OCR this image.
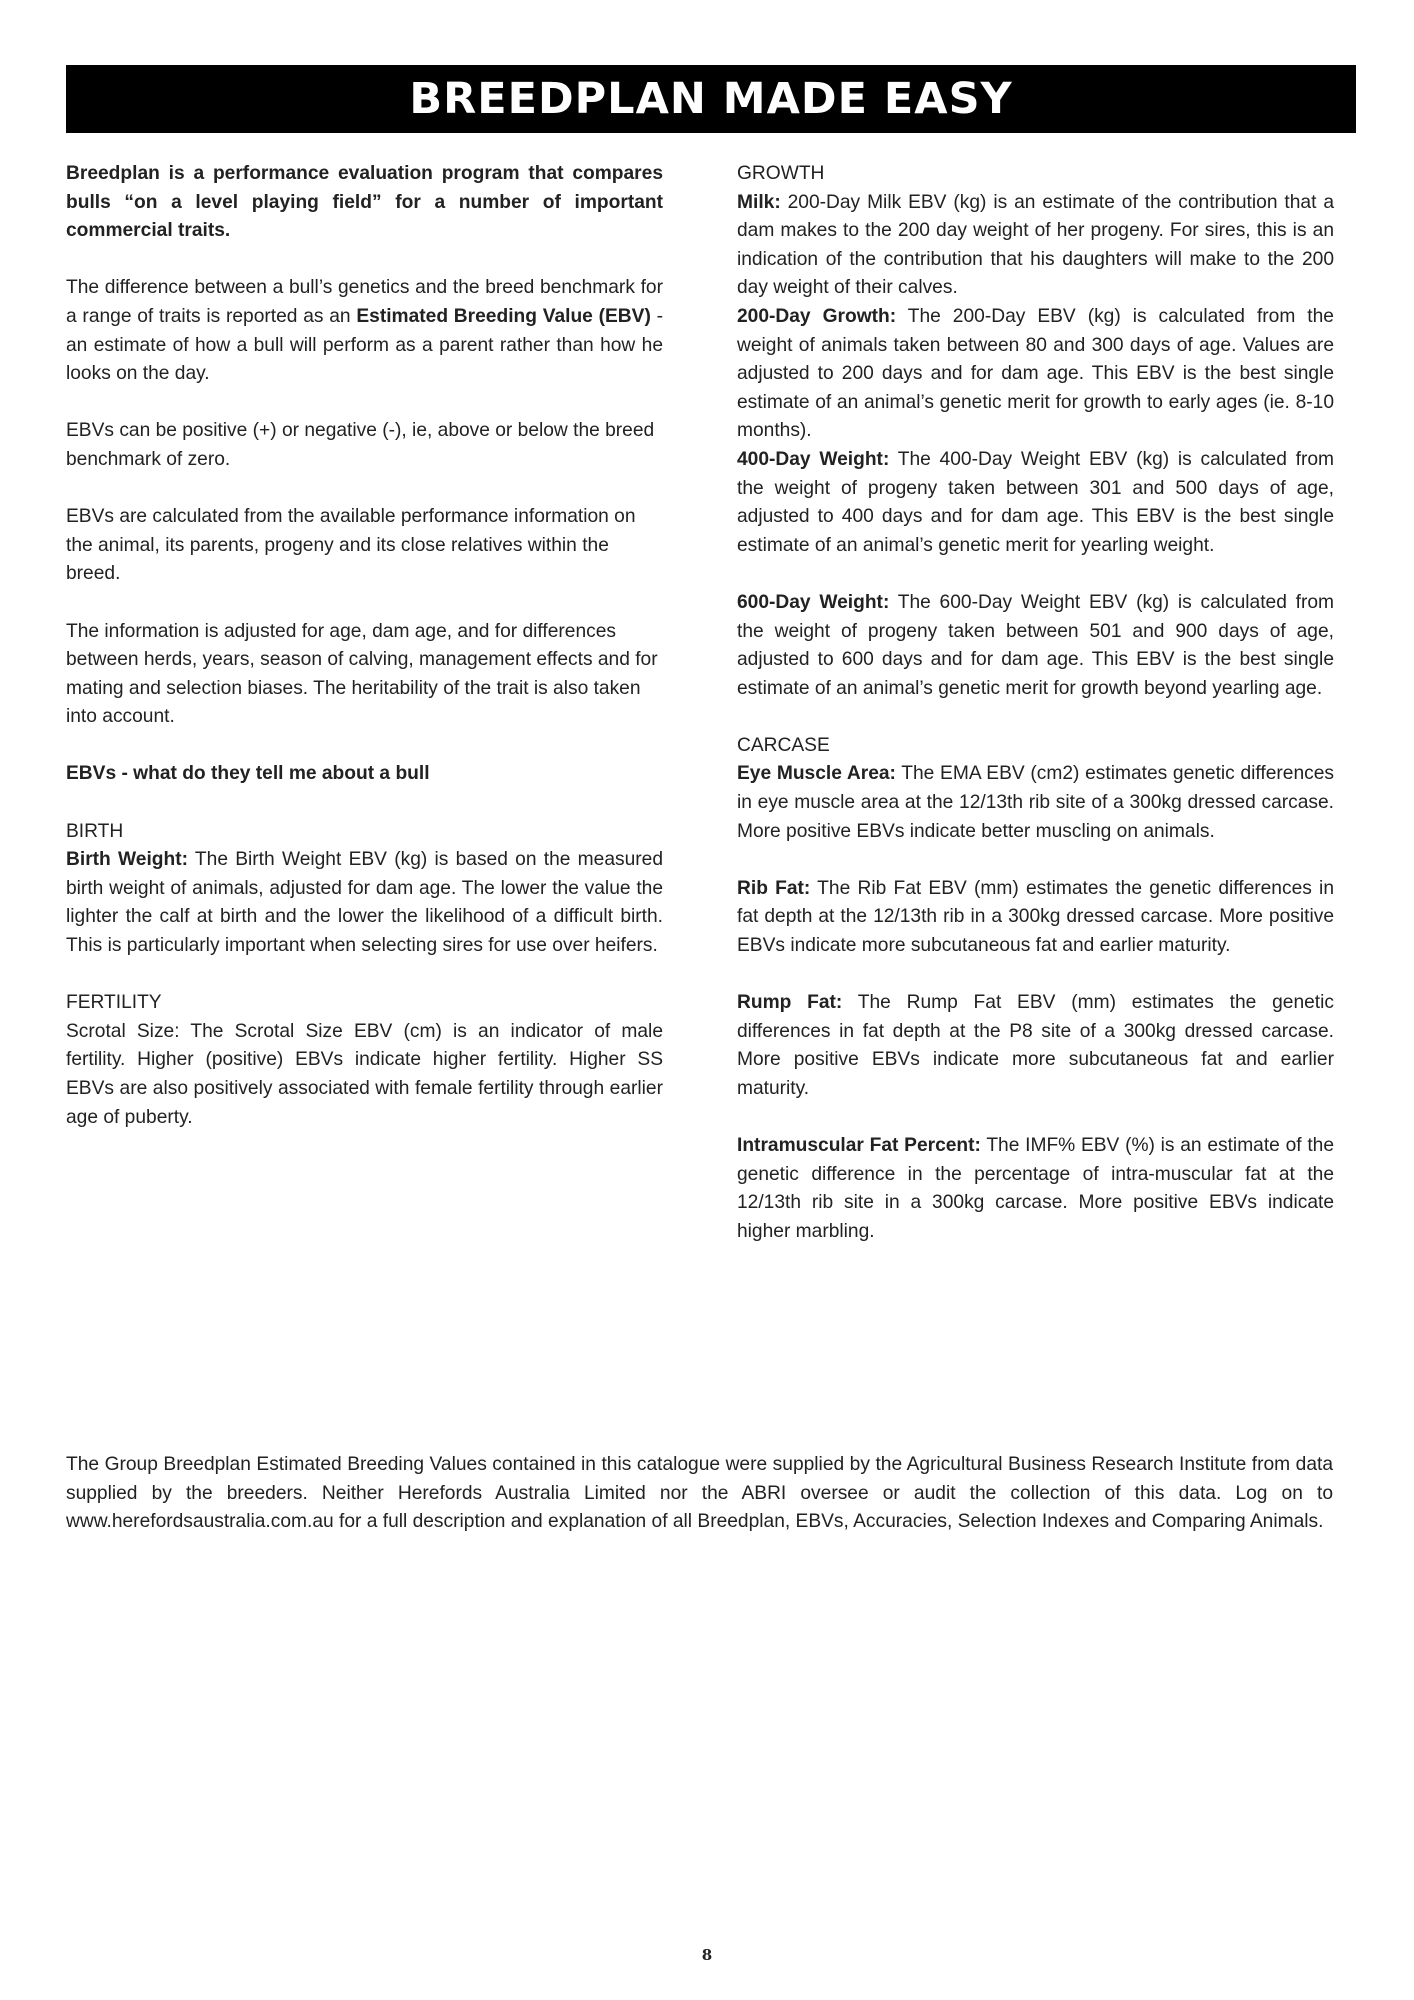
BREEDPLAN MADE EASY

Breedplan is a performance evaluation program that compares bulls “on a level playing field” for a number of important commercial traits.

The difference between a bull’s genetics and the breed benchmark for a range of traits is reported as an Estimated Breeding Value (EBV) - an estimate of how a bull will perform as a parent rather than how he looks on the day.

EBVs can be positive (+) or negative (-), ie, above or below the breed benchmark of zero.

EBVs are calculated from the available performance information on the animal, its parents, progeny and its close relatives within the breed.

The information is adjusted for age, dam age, and for differences between herds, years, season of calving, management effects and for mating and selection biases. The heritability of the trait is also taken into account.

EBVs - what do they tell me about a bull

BIRTH

Birth Weight: The Birth Weight EBV (kg) is based on the measured birth weight of animals, adjusted for dam age. The lower the value the lighter the calf at birth and the lower the likelihood of a difficult birth. This is particularly important when selecting sires for use over heifers.

FERTILITY

Scrotal Size: The Scrotal Size EBV (cm) is an indicator of male fertility. Higher (positive) EBVs indicate higher fertility. Higher SS EBVs are also positively associated with female fertility through earlier age of puberty.

GROWTH

Milk: 200-Day Milk EBV (kg) is an estimate of the contribution that a dam makes to the 200 day weight of her progeny. For sires, this is an indication of the contribution that his daughters will make to the 200 day weight of their calves.

200-Day Growth: The 200-Day EBV (kg) is calculated from the weight of animals taken between 80 and 300 days of age. Values are adjusted to 200 days and for dam age. This EBV is the best single estimate of an animal’s genetic merit for growth to early ages (ie. 8-10 months).

400-Day Weight: The 400-Day Weight EBV (kg) is calculated from the weight of progeny taken between 301 and 500 days of age, adjusted to 400 days and for dam age. This EBV is the best single estimate of an animal’s genetic merit for yearling weight.

600-Day Weight: The 600-Day Weight EBV (kg) is calculated from the weight of progeny taken between 501 and 900 days of age, adjusted to 600 days and for dam age. This EBV is the best single estimate of an animal’s genetic merit for growth beyond yearling age.

CARCASE

Eye Muscle Area: The EMA EBV (cm2) estimates genetic differences in eye muscle area at the 12/13th rib site of a 300kg dressed carcase. More positive EBVs indicate better muscling on animals.

Rib Fat: The Rib Fat EBV (mm) estimates the genetic differences in fat depth at the 12/13th rib in a 300kg dressed carcase. More positive EBVs indicate more subcutaneous fat and earlier maturity.

Rump Fat: The Rump Fat EBV (mm) estimates the genetic differences in fat depth at the P8 site of a 300kg dressed carcase. More positive EBVs indicate more subcutaneous fat and earlier maturity.

Intramuscular Fat Percent: The IMF% EBV (%) is an estimate of the genetic difference in the percentage of intra-muscular fat at the 12/13th rib site in a 300kg carcase. More positive EBVs indicate higher marbling.

The Group Breedplan Estimated Breeding Values contained in this catalogue were supplied by the Agricultural Business Research Institute from data supplied by the breeders. Neither Herefords Australia Limited nor the ABRI oversee or audit the collection of this data. Log on to www.herefordsaustralia.com.au for a full description and explanation of all Breedplan, EBVs, Accuracies, Selection Indexes and Comparing Animals.

8
